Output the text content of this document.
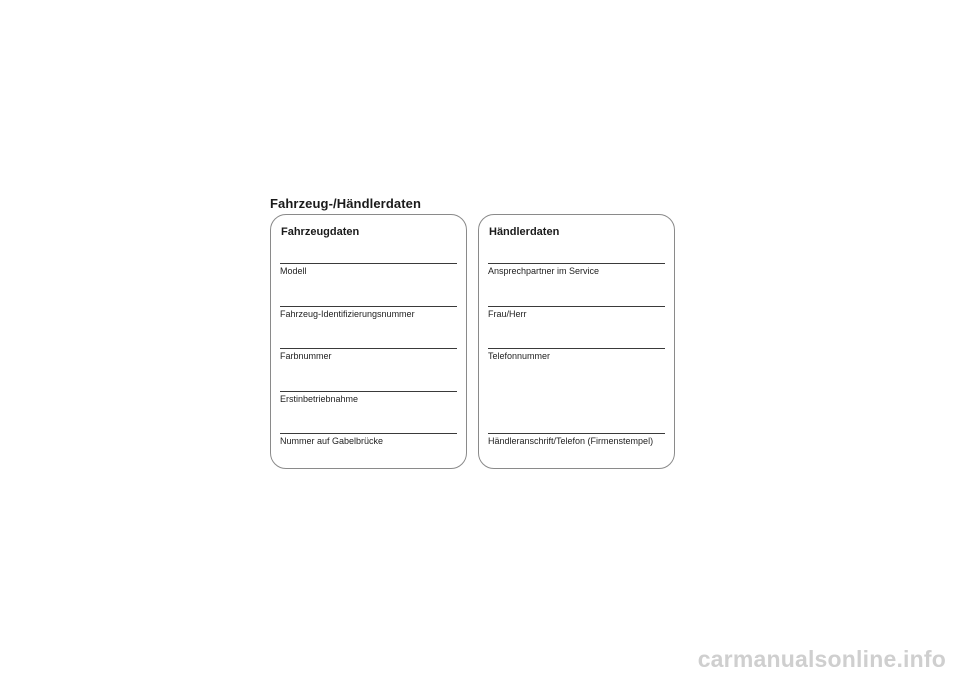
Fahrzeug-/Händlerdaten
Fahrzeugdaten
Modell
Fahrzeug-Identifizierungsnummer
Farbnummer
Erstinbetriebnahme
Nummer auf Gabelbrücke
Händlerdaten
Ansprechpartner im Service
Frau/Herr
Telefonnummer
Händleranschrift/Telefon (Firmenstempel)
carmanualsonline.info
